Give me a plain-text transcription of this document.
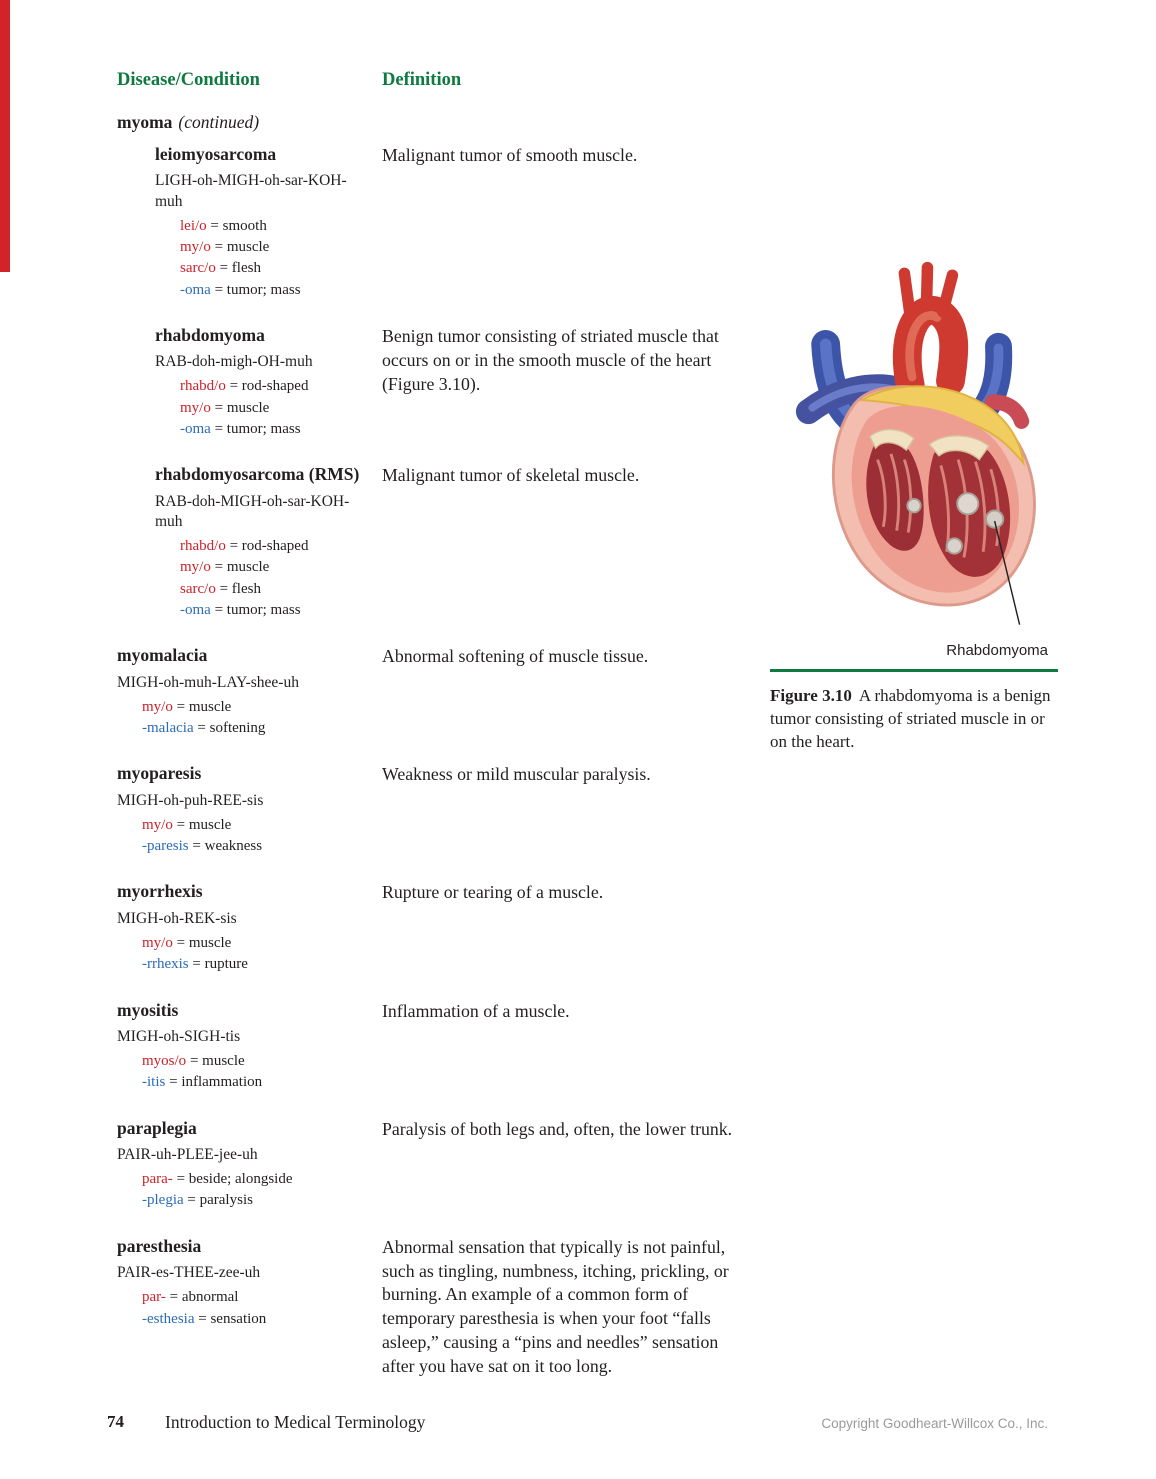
Disease/Condition	Definition
myoma (continued)
leiomyosarcoma
LIGH-oh-MIGH-oh-sar-KOH-muh
lei/o = smooth
my/o = muscle
sarc/o = flesh
-oma = tumor; mass
Malignant tumor of smooth muscle.
rhabdomyoma
RAB-doh-migh-OH-muh
rhabd/o = rod-shaped
my/o = muscle
-oma = tumor; mass
Benign tumor consisting of striated muscle that occurs on or in the smooth muscle of the heart (Figure 3.10).
rhabdomyosarcoma (RMS)
RAB-doh-MIGH-oh-sar-KOH-muh
rhabd/o = rod-shaped
my/o = muscle
sarc/o = flesh
-oma = tumor; mass
Malignant tumor of skeletal muscle.
myomalacia
MIGH-oh-muh-LAY-shee-uh
my/o = muscle
-malacia = softening
Abnormal softening of muscle tissue.
myoparesis
MIGH-oh-puh-REE-sis
my/o = muscle
-paresis = weakness
Weakness or mild muscular paralysis.
myorrhexis
MIGH-oh-REK-sis
my/o = muscle
-rrhexis = rupture
Rupture or tearing of a muscle.
myositis
MIGH-oh-SIGH-tis
myos/o = muscle
-itis = inflammation
Inflammation of a muscle.
paraplegia
PAIR-uh-PLEE-jee-uh
para- = beside; alongside
-plegia = paralysis
Paralysis of both legs and, often, the lower trunk.
paresthesia
PAIR-es-THEE-zee-uh
par- = abnormal
-esthesia = sensation
Abnormal sensation that typically is not painful, such as tingling, numbness, itching, prickling, or burning. An example of a common form of temporary paresthesia is when your foot “falls asleep,” causing a “pins and needles” sensation after you have sat on it too long.
Rhabdomyoma
Figure 3.10 A rhabdomyoma is a benign tumor consisting of striated muscle in or on the heart.
74 Introduction to Medical Terminology	Copyright Goodheart-Willcox Co., Inc.
